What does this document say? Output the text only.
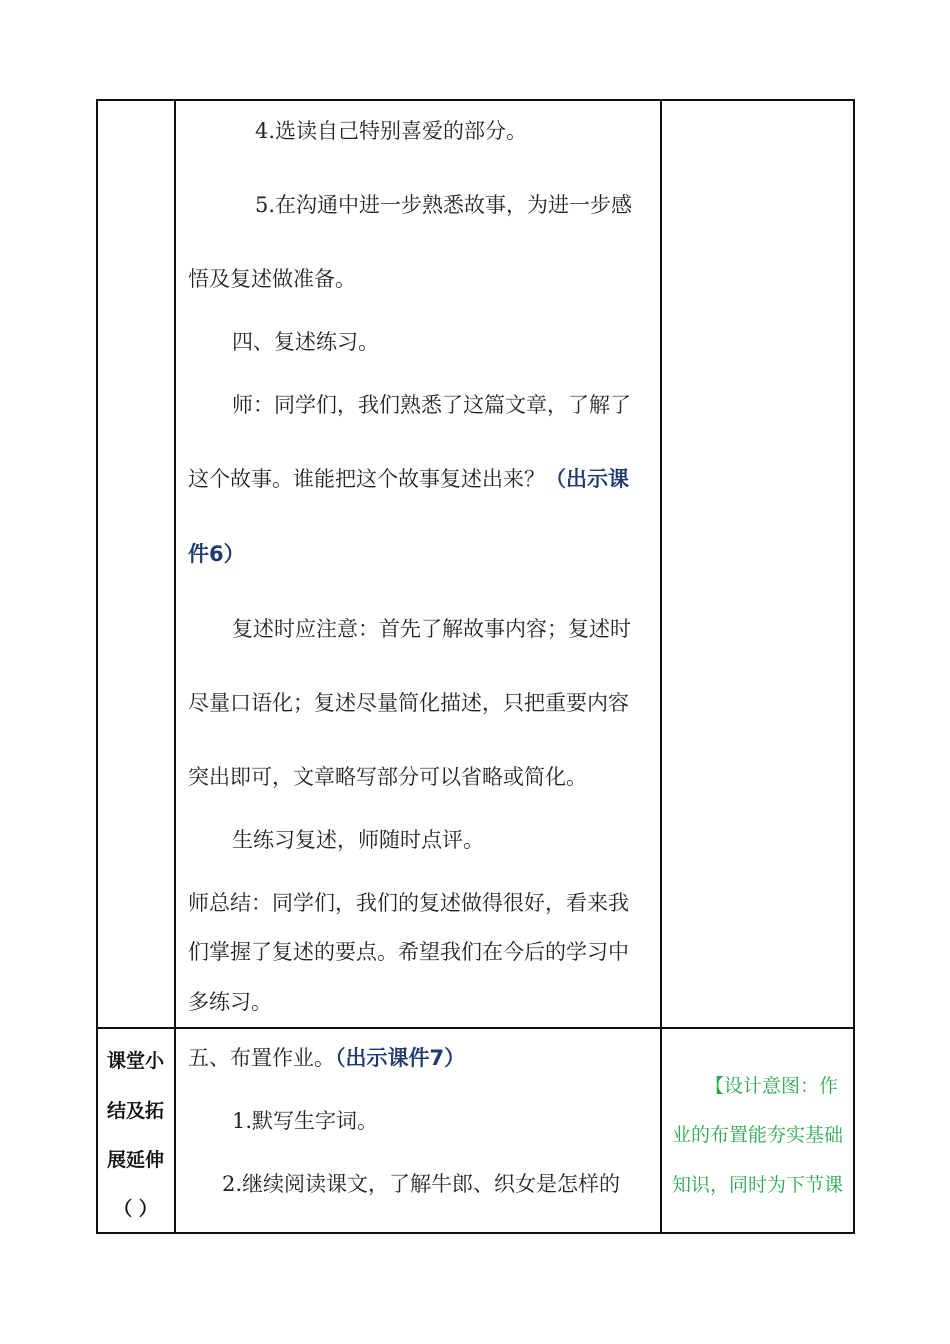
4.选读自己特别喜爱的部分。
5.在沟通中进一步熟悉故事，为进一步感
悟及复述做准备。
四、复述练习。
师：同学们，我们熟悉了这篇文章，了解了
这个故事。谁能把这个故事复述出来？（出示课
件6）
复述时应注意：首先了解故事内容；复述时
尽量口语化；复述尽量简化描述，只把重要内容
突出即可，文章略写部分可以省略或简化。
生练习复述，师随时点评。
师总结：同学们，我们的复述做得很好，看来我
们掌握了复述的要点。希望我们在今后的学习中
多练习。
课堂小
结及拓
展延伸
（ ）
五、布置作业。（出示课件7）
1.默写生字词。
2.继续阅读课文，了解牛郎、织女是怎样的
【设计意图：作
业的布置能夯实基础
知识，同时为下节课
